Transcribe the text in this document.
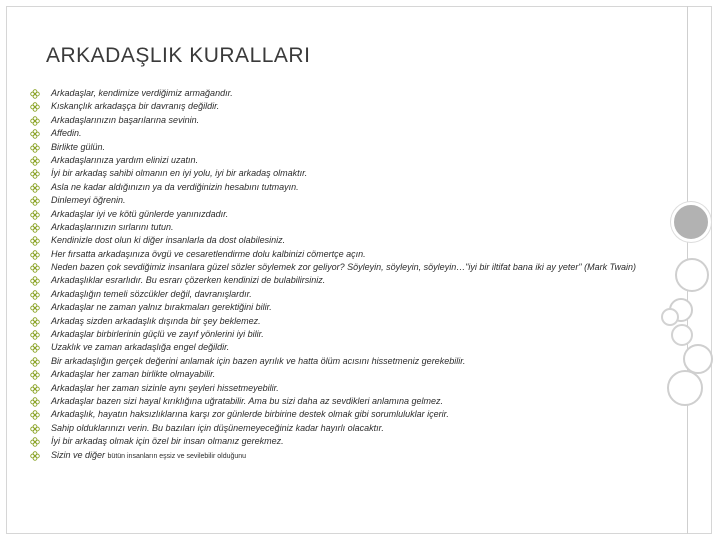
ARKADAŞLIK KURALLARI
Arkadaşlar, kendimize verdiğimiz armağandır.
Kıskançlık arkadaşça bir davranış değildir.
Arkadaşlarınızın başarılarına sevinin.
Affedin.
Birlikte gülün.
Arkadaşlarınıza yardım elinizi uzatın.
İyi bir arkadaş sahibi olmanın en iyi yolu, iyi bir arkadaş olmaktır.
Asla ne kadar aldığınızın ya da verdiğinizin hesabını tutmayın.
Dinlemeyi öğrenin.
Arkadaşlar iyi ve kötü günlerde yanınızdadır.
Arkadaşlarınızın sırlarını tutun.
Kendinizle dost olun ki diğer insanlarla da dost olabilesiniz.
Her fırsatta arkadaşınıza övgü ve cesaretlendirme dolu kalbinizi cömertçe açın.
Neden bazen çok sevdiğimiz insanlara güzel sözler söylemek zor geliyor? Söyleyin, söyleyin, söyleyin…"iyi bir iltifat bana iki ay yeter" (Mark Twain)
Arkadaşlıklar esrarlıdır. Bu esrarı çözerken kendinizi de bulabilirsiniz.
Arkadaşlığın temeli sözcükler değil, davranışlardır.
Arkadaşlar ne zaman yalnız bırakmaları gerektiğini bilir.
Arkadaş sizden arkadaşlık dışında bir şey beklemez.
Arkadaşlar birbirlerinin güçlü ve zayıf yönlerini iyi bilir.
Uzaklık ve zaman arkadaşlığa engel değildir.
Bir arkadaşlığın gerçek değerini anlamak için bazen ayrılık ve hatta ölüm acısını hissetmeniz gerekebilir.
Arkadaşlar her zaman birlikte olmayabilir.
Arkadaşlar her zaman sizinle aynı şeyleri hissetmeyebilir.
Arkadaşlar bazen sizi hayal kırıklığına uğratabilir. Ama bu sizi daha az sevdikleri anlamına gelmez.
Arkadaşlık, hayatın haksızlıklarına karşı zor günlerde birbirine destek olmak gibi sorumluluklar içerir.
Sahip olduklarınızı verin. Bu bazıları için düşünemeyeceğiniz kadar hayırlı olacaktır.
İyi bir arkadaş olmak için özel bir insan olmanız gerekmez.
Sizin ve diğer bütün insanların eşsiz ve sevilebilir olduğunu
